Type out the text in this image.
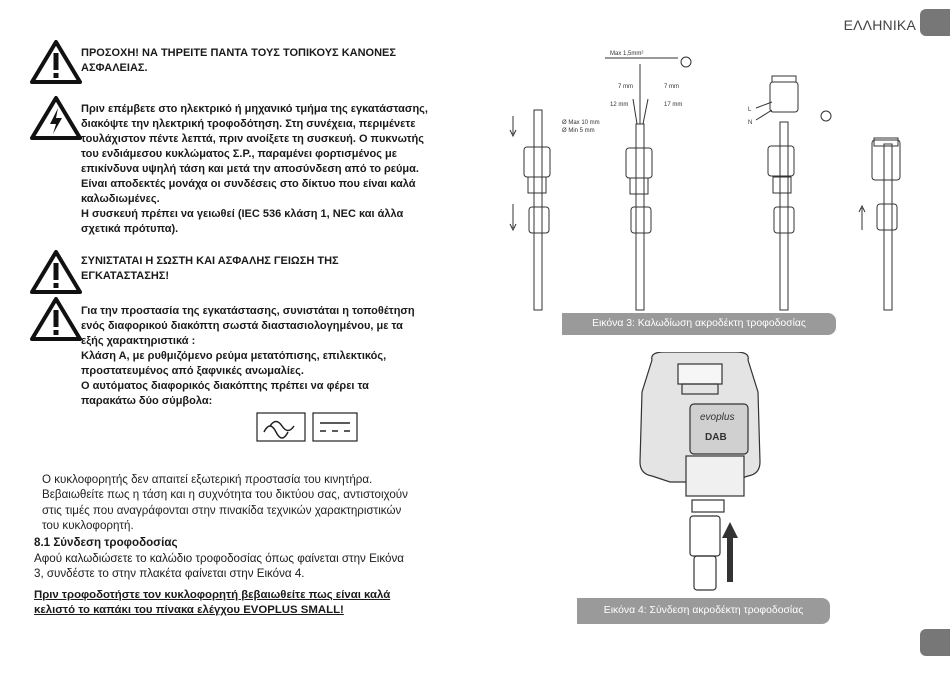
ΕΛΛΗΝΙΚΑ

ΠΡΟΣΟΧΗ! ΝΑ ΤΗΡΕΙΤΕ ΠΑΝΤΑ ΤΟΥΣ ΤΟΠΙΚΟΥΣ ΚΑΝΟΝΕΣ

ΑΣΦΑΛΕΙΑΣ.

Πριν επέμβετε στο ηλεκτρικό ή μηχανικό τμήμα της εγκατάστασης,

διακόψτε την ηλεκτρική τροφοδότηση. Στη συνέχεια, περιμένετε

τουλάχιστον πέντε λεπτά, πριν ανοίξετε τη συσκευή. Ο πυκνωτής

του ενδιάμεσου κυκλώματος Σ.Ρ., παραμένει φορτισμένος με

επικίνδυνα υψηλή τάση και μετά την αποσύνδεση από το ρεύμα.

Είναι αποδεκτές μονάχα οι συνδέσεις στο δίκτυο που είναι καλά

καλωδιωμένες.

Η συσκευή πρέπει να γειωθεί (IEC 536 κλάση 1, NEC και άλλα

σχετικά πρότυπα).

ΣΥΝΙΣΤΑΤΑΙ Η ΣΩΣΤΗ ΚΑΙ ΑΣΦΑΛΗΣ ΓΕΙΩΣΗ ΤΗΣ

ΕΓΚΑΤΑΣΤΑΣΗΣ!

Για την προστασία της εγκατάστασης, συνιστάται η τοποθέτηση

ενός διαφορικού διακόπτη σωστά διαστασιολογημένου, με τα

εξής χαρακτηριστικά :

Κλάση Α, με ρυθμιζόμενο ρεύμα μετατόπισης, επιλεκτικός,

προστατευμένος από ξαφνικές ανωμαλίες.

Ο αυτόματος διαφορικός διακόπτης πρέπει να φέρει τα

παρακάτω δύο σύμβολα:

Ο κυκλοφορητής δεν απαιτεί εξωτερική προστασία του κινητήρα.

Βεβαιωθείτε πως η τάση και η συχνότητα του δικτύου σας, αντιστοιχούν

στις τιμές που αναγράφονται στην πινακίδα τεχνικών χαρακτηριστικών

του κυκλοφορητή.

8.1 Σύνδεση τροφοδοσίας

Αφού καλωδιώσετε το καλώδιο τροφοδοσίας όπως φαίνεται στην Εικόνα

3, συνδέστε το στην πλακέτα φαίνεται στην Εικόνα 4.

Πριν τροφοδοτήστε τον κυκλοφορητή βεβαιωθείτε πως είναι καλά

κελιστό το καπάκι του πίνακα ελέγχου EVOPLUS SMALL!

Max 1,5mm²
7 mm	7 mm
12 mm	17 mm
Ø Max 10 mm
Ø Min 5 mm
L
N
Εικόνα 3: Καλωδίωση ακροδέκτη τροφοδοσίας
evoplus
DAB
Εικόνα 4: Σύνδεση ακροδέκτη τροφοδοσίας
